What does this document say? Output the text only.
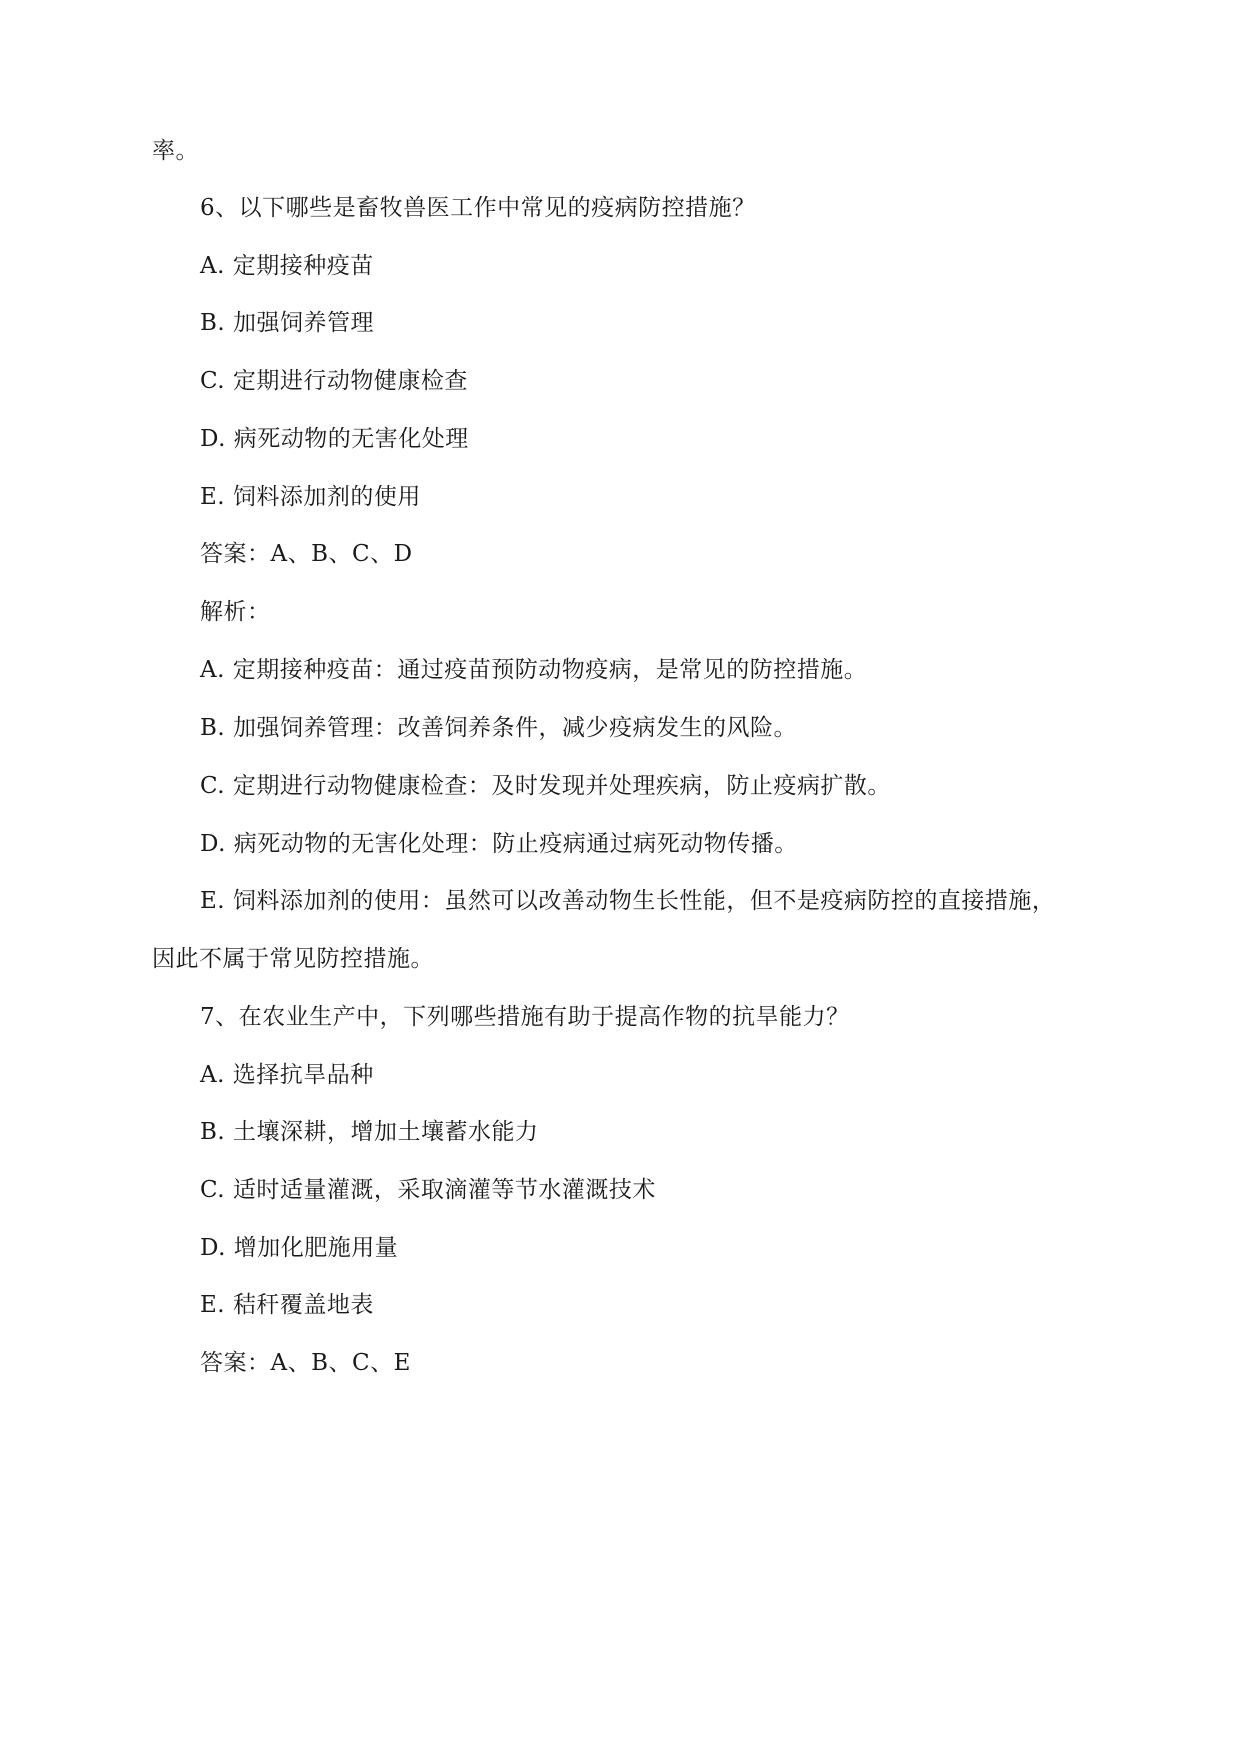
率。
6、以下哪些是畜牧兽医工作中常见的疫病防控措施？
A. 定期接种疫苗
B. 加强饲养管理
C. 定期进行动物健康检查
D. 病死动物的无害化处理
E. 饲料添加剂的使用
答案：A、B、C、D
解析：
A. 定期接种疫苗：通过疫苗预防动物疫病，是常见的防控措施。
B. 加强饲养管理：改善饲养条件，减少疫病发生的风险。
C. 定期进行动物健康检查：及时发现并处理疾病，防止疫病扩散。
D. 病死动物的无害化处理：防止疫病通过病死动物传播。
E. 饲料添加剂的使用：虽然可以改善动物生长性能，但不是疫病防控的直接措施，
因此不属于常见防控措施。
7、在农业生产中，下列哪些措施有助于提高作物的抗旱能力？
A. 选择抗旱品种
B. 土壤深耕，增加土壤蓄水能力
C. 适时适量灌溉，采取滴灌等节水灌溉技术
D. 增加化肥施用量
E. 秸秆覆盖地表
答案：A、B、C、E
